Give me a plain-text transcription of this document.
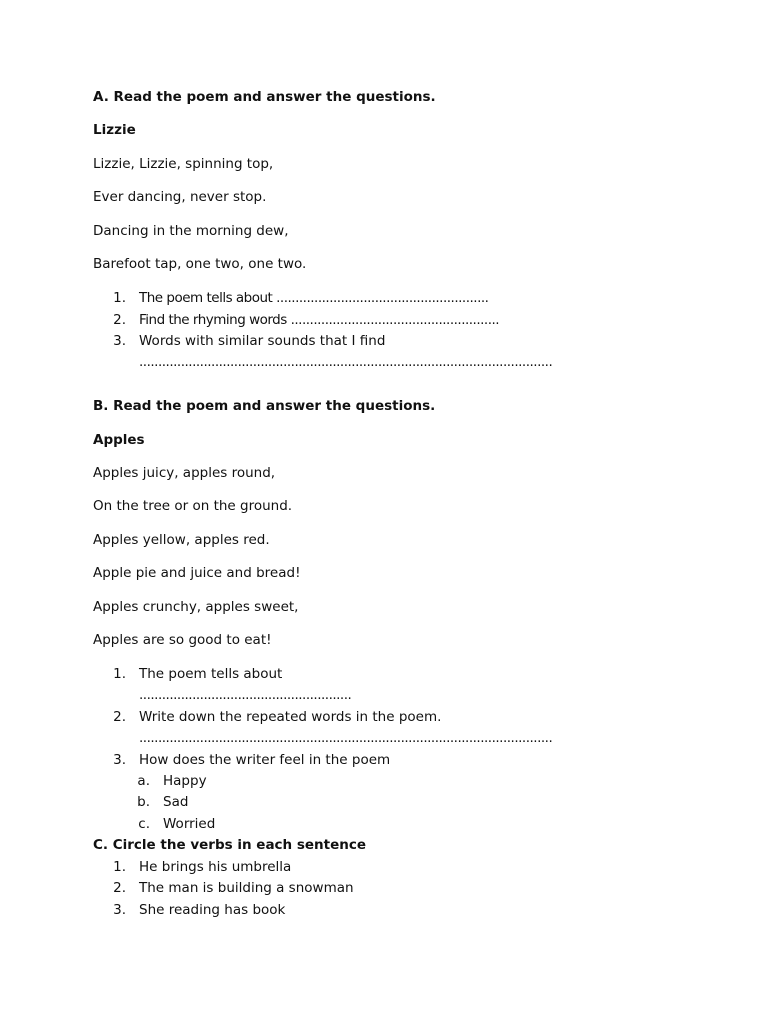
A. Read the poem and answer the questions.
Lizzie
Lizzie, Lizzie, spinning top,
Ever dancing, never stop.
Dancing in the morning dew,
Barefoot tap, one two, one two.
1. The poem tells about ........................................................
2. Find the rhyming words .......................................................
3. Words with similar sounds that I find
.............................................................................................................
B. Read the poem and answer the questions.
Apples
Apples juicy, apples round,
On the tree or on the ground.
Apples yellow, apples red.
Apple pie and juice and bread!
Apples crunchy, apples sweet,
Apples are so good to eat!
1. The poem tells about
........................................................
2. Write down the repeated words in the poem.
.............................................................................................................
3. How does the writer feel in the poem
a. Happy
b. Sad
c. Worried
C. Circle the verbs in each sentence
1. He brings his umbrella
2. The man is building a snowman
3. She reading has book
